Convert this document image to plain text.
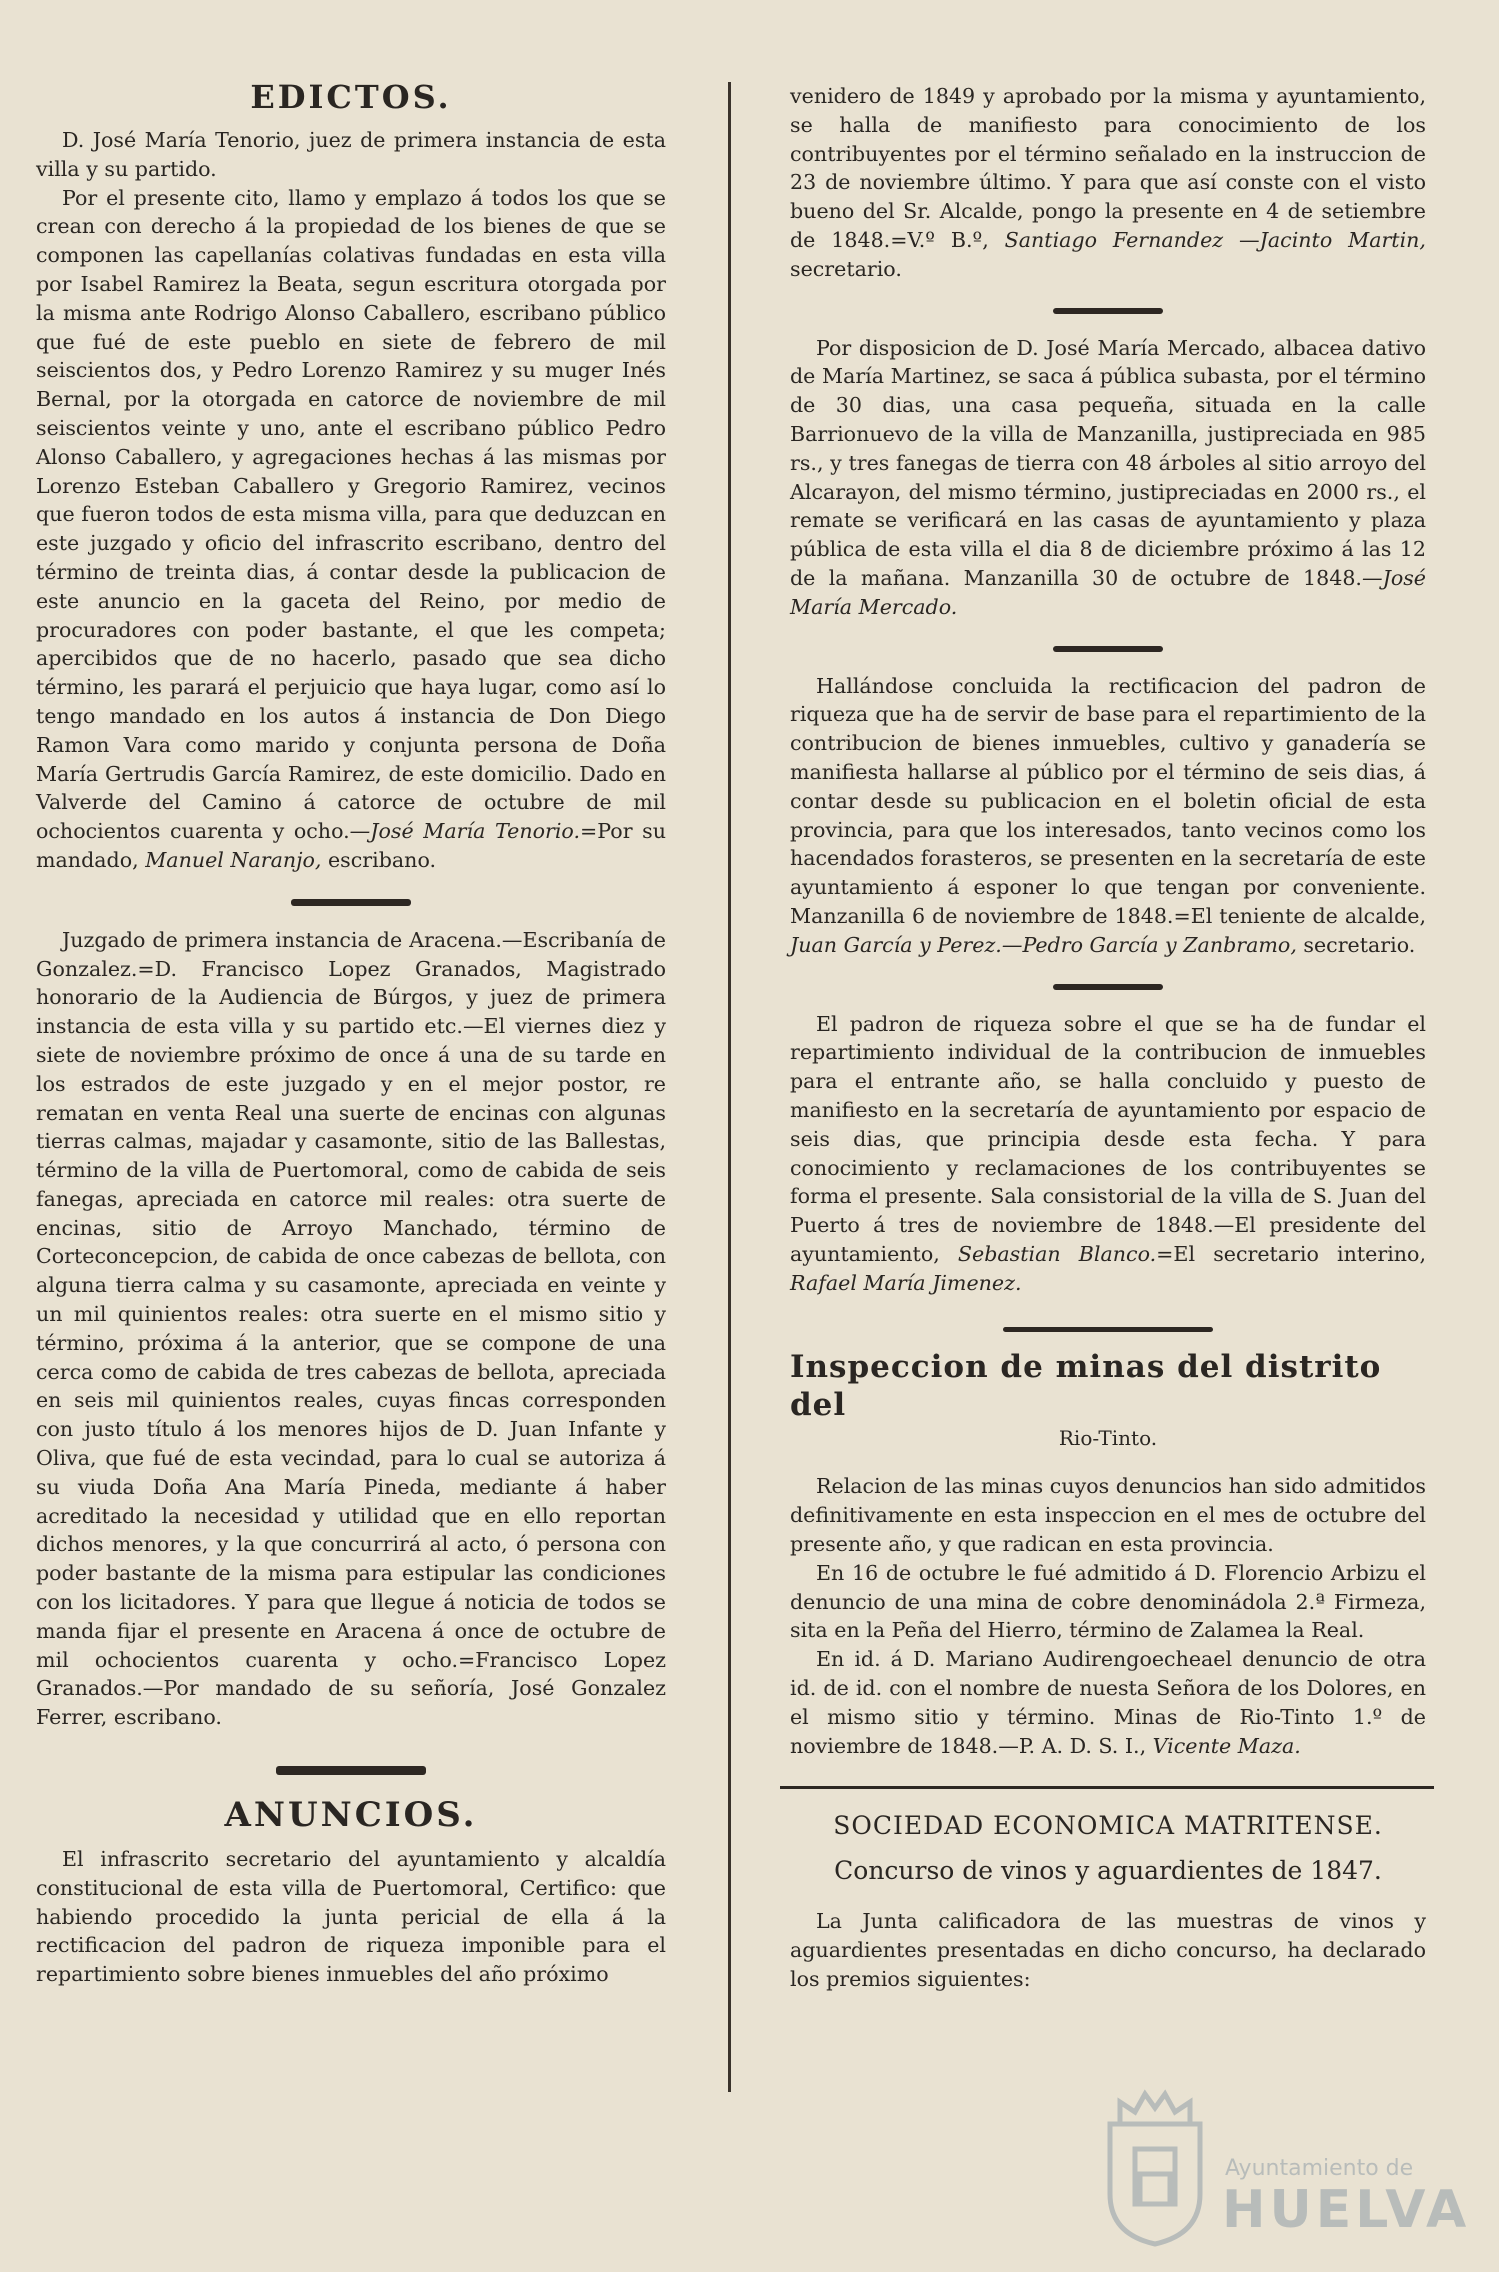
EDICTOS.

D. José María Tenorio, juez de primera instancia de esta villa y su partido.

Por el presente cito, llamo y emplazo á todos los que se crean con derecho á la propiedad de los bienes de que se componen las capellanías colativas fundadas en esta villa por Isabel Ramirez la Beata, segun escritura otorgada por la misma ante Rodrigo Alonso Caballero, escribano público que fué de este pueblo en siete de febrero de mil seiscientos dos, y Pedro Lorenzo Ramirez y su muger Inés Bernal, por la otorgada en catorce de noviembre de mil seiscientos veinte y uno, ante el escribano público Pedro Alonso Caballero, y agregaciones hechas á las mismas por Lorenzo Esteban Caballero y Gregorio Ramirez, vecinos que fueron todos de esta misma villa, para que deduzcan en este juzgado y oficio del infrascrito escribano, dentro del término de treinta dias, á contar desde la publicacion de este anuncio en la gaceta del Reino, por medio de procuradores con poder bastante, el que les competa; apercibidos que de no hacerlo, pasado que sea dicho término, les parará el perjuicio que haya lugar, como así lo tengo mandado en los autos á instancia de Don Diego Ramon Vara como marido y conjunta persona de Doña María Gertrudis García Ramirez, de este domicilio. Dado en Valverde del Camino á catorce de octubre de mil ochocientos cuarenta y ocho.—José María Tenorio.=Por su mandado, Manuel Naranjo, escribano.

Juzgado de primera instancia de Aracena.—Escribanía de Gonzalez.=D. Francisco Lopez Granados, Magistrado honorario de la Audiencia de Búrgos, y juez de primera instancia de esta villa y su partido etc.—El viernes diez y siete de noviembre próximo de once á una de su tarde en los estrados de este juzgado y en el mejor postor, re rematan en venta Real una suerte de encinas con algunas tierras calmas, majadar y casamonte, sitio de las Ballestas, término de la villa de Puertomoral, como de cabida de seis fanegas, apreciada en catorce mil reales: otra suerte de encinas, sitio de Arroyo Manchado, término de Corteconcepcion, de cabida de once cabezas de bellota, con alguna tierra calma y su casamonte, apreciada en veinte y un mil quinientos reales: otra suerte en el mismo sitio y término, próxima á la anterior, que se compone de una cerca como de cabida de tres cabezas de bellota, apreciada en seis mil quinientos reales, cuyas fincas corresponden con justo título á los menores hijos de D. Juan Infante y Oliva, que fué de esta vecindad, para lo cual se autoriza á su viuda Doña Ana María Pineda, mediante á haber acreditado la necesidad y utilidad que en ello reportan dichos menores, y la que concurrirá al acto, ó persona con poder bastante de la misma para estipular las condiciones con los licitadores. Y para que llegue á noticia de todos se manda fijar el presente en Aracena á once de octubre de mil ochocientos cuarenta y ocho.=Francisco Lopez Granados.—Por mandado de su señoría, José Gonzalez Ferrer, escribano.

ANUNCIOS.

El infrascrito secretario del ayuntamiento y alcaldía constitucional de esta villa de Puertomoral, Certifico: que habiendo procedido la junta pericial de ella á la rectificacion del padron de riqueza imponible para el repartimiento sobre bienes inmuebles del año próximo

venidero de 1849 y aprobado por la misma y ayuntamiento, se halla de manifiesto para conocimiento de los contribuyentes por el término señalado en la instruccion de 23 de noviembre último. Y para que así conste con el visto bueno del Sr. Alcalde, pongo la presente en 4 de setiembre de 1848.=V.º B.º, Santiago Fernandez —Jacinto Martin, secretario.

Por disposicion de D. José María Mercado, albacea dativo de María Martinez, se saca á pública subasta, por el término de 30 dias, una casa pequeña, situada en la calle Barrionuevo de la villa de Manzanilla, justipreciada en 985 rs., y tres fanegas de tierra con 48 árboles al sitio arroyo del Alcarayon, del mismo término, justipreciadas en 2000 rs., el remate se verificará en las casas de ayuntamiento y plaza pública de esta villa el dia 8 de diciembre próximo á las 12 de la mañana. Manzanilla 30 de octubre de 1848.—José María Mercado.

Hallándose concluida la rectificacion del padron de riqueza que ha de servir de base para el repartimiento de la contribucion de bienes inmuebles, cultivo y ganadería se manifiesta hallarse al público por el término de seis dias, á contar desde su publicacion en el boletin oficial de esta provincia, para que los interesados, tanto vecinos como los hacendados forasteros, se presenten en la secretaría de este ayuntamiento á esponer lo que tengan por conveniente. Manzanilla 6 de noviembre de 1848.=El teniente de alcalde, Juan García y Perez.—Pedro García y Zanbramo, secretario.

El padron de riqueza sobre el que se ha de fundar el repartimiento individual de la contribucion de inmuebles para el entrante año, se halla concluido y puesto de manifiesto en la secretaría de ayuntamiento por espacio de seis dias, que principia desde esta fecha. Y para conocimiento y reclamaciones de los contribuyentes se forma el presente. Sala consistorial de la villa de S. Juan del Puerto á tres de noviembre de 1848.—El presidente del ayuntamiento, Sebastian Blanco.=El secretario interino, Rafael María Jimenez.

Inspeccion de minas del distrito del
Rio-Tinto.

Relacion de las minas cuyos denuncios han sido admitidos definitivamente en esta inspeccion en el mes de octubre del presente año, y que radican en esta provincia.

En 16 de octubre le fué admitido á D. Florencio Arbizu el denuncio de una mina de cobre denominádola 2.ª Firmeza, sita en la Peña del Hierro, término de Zalamea la Real.

En id. á D. Mariano Audirengoecheael denuncio de otra id. de id. con el nombre de nuesta Señora de los Dolores, en el mismo sitio y término. Minas de Rio-Tinto 1.º de noviembre de 1848.—P. A. D. S. I., Vicente Maza.

SOCIEDAD ECONOMICA MATRITENSE.
Concurso de vinos y aguardientes de 1847.

La Junta calificadora de las muestras de vinos y aguardientes presentadas en dicho concurso, ha declarado los premios siguientes:

Ayuntamiento de
HUELVA
